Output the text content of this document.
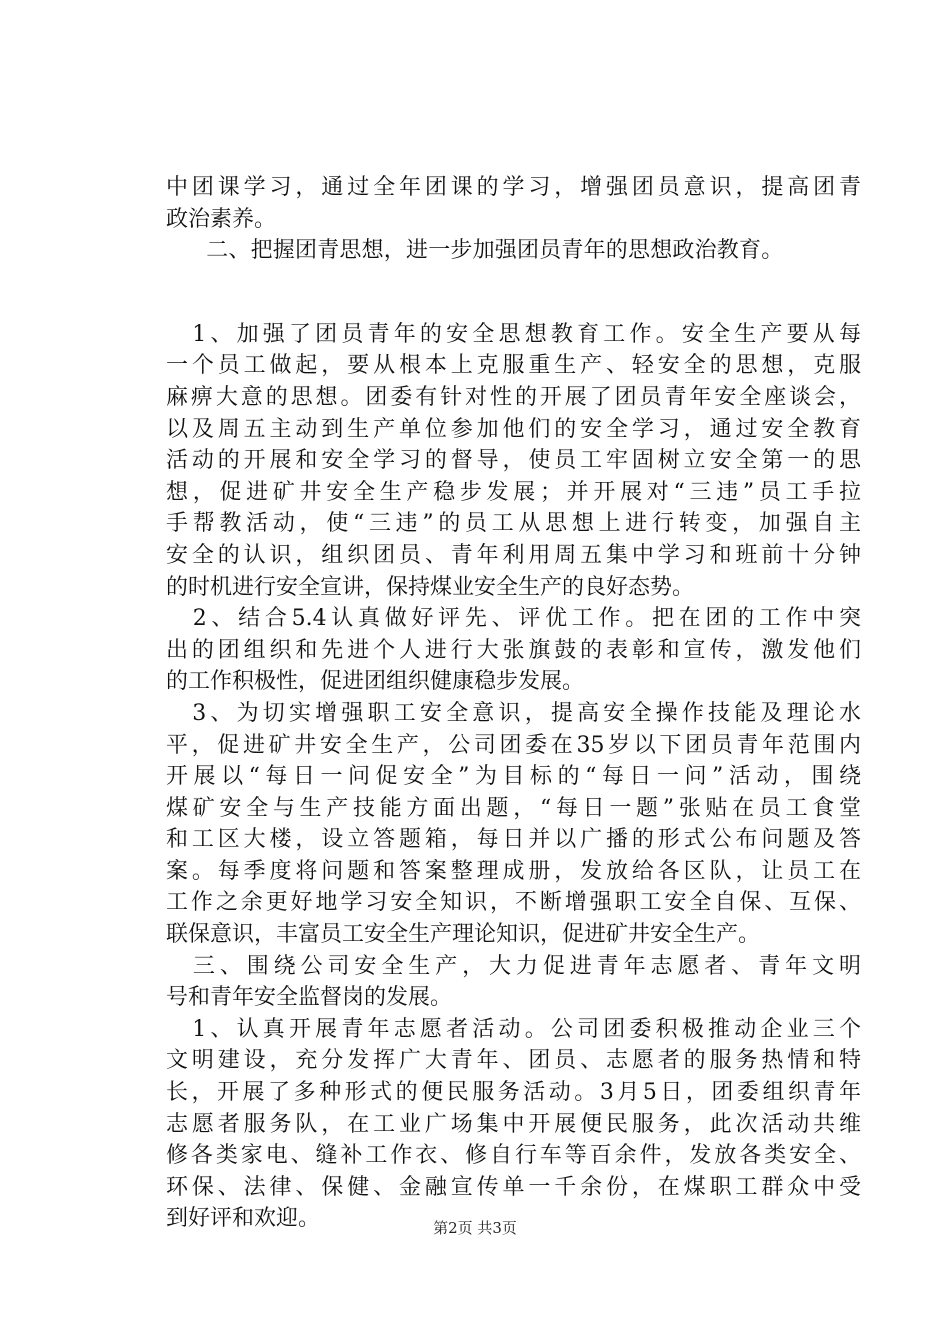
中团课学习，通过全年团课的学习，增强团员意识，提高团青
政治素养。
　二、把握团青思想，进一步加强团员青年的思想政治教育。
　1、加强了团员青年的安全思想教育工作。安全生产要从每
一个员工做起，要从根本上克服重生产、轻安全的思想，克服
麻痹大意的思想。团委有针对性的开展了团员青年安全座谈会，
以及周五主动到生产单位参加他们的安全学习，通过安全教育
活动的开展和安全学习的督导，使员工牢固树立安全第一的思
想，促进矿井安全生产稳步发展；并开展对“三违”员工手拉
手帮教活动，使“三违”的员工从思想上进行转变，加强自主
安全的认识，组织团员、青年利用周五集中学习和班前十分钟
的时机进行安全宣讲，保持煤业安全生产的良好态势。
　2、结合5.4认真做好评先、评优工作。把在团的工作中突
出的团组织和先进个人进行大张旗鼓的表彰和宣传，激发他们
的工作积极性，促进团组织健康稳步发展。
　3、为切实增强职工安全意识，提高安全操作技能及理论水
平，促进矿井安全生产，公司团委在35岁以下团员青年范围内
开展以“每日一问促安全”为目标的“每日一问”活动，围绕
煤矿安全与生产技能方面出题，“每日一题”张贴在员工食堂
和工区大楼，设立答题箱，每日并以广播的形式公布问题及答
案。每季度将问题和答案整理成册，发放给各区队，让员工在
工作之余更好地学习安全知识，不断增强职工安全自保、互保、
联保意识，丰富员工安全生产理论知识，促进矿井安全生产。
　三、围绕公司安全生产，大力促进青年志愿者、青年文明
号和青年安全监督岗的发展。
　1、认真开展青年志愿者活动。公司团委积极推动企业三个
文明建设，充分发挥广大青年、团员、志愿者的服务热情和特
长，开展了多种形式的便民服务活动。3月5日，团委组织青年
志愿者服务队，在工业广场集中开展便民服务，此次活动共维
修各类家电、缝补工作衣、修自行车等百余件，发放各类安全、
环保、法律、保健、金融宣传单一千余份，在煤职工群众中受
到好评和欢迎。	第2页 共3页
